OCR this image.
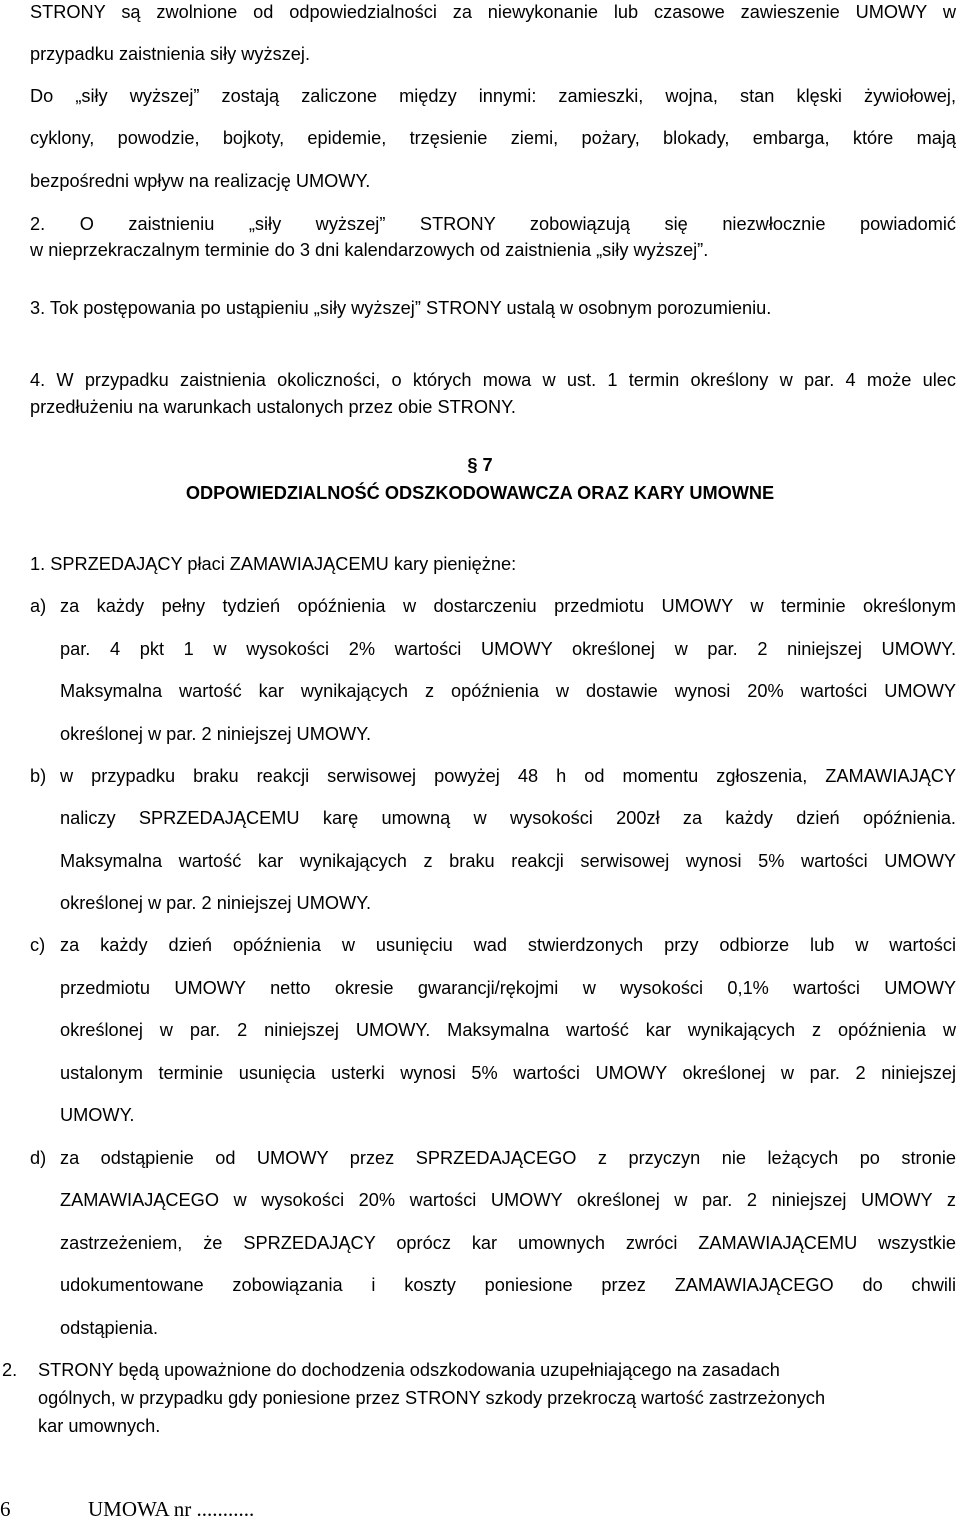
STRONY są zwolnione od odpowiedzialności za niewykonanie lub czasowe zawieszenie UMOWY w
przypadku zaistnienia siły wyższej.
Do „siły wyższej” zostają zaliczone między innymi: zamieszki, wojna, stan klęski żywiołowej,
cyklony, powodzie, bojkoty, epidemie, trzęsienie ziemi, pożary, blokady, embarga, które mają
bezpośredni wpływ na realizację UMOWY.
2. O zaistnieniu „siły wyższej” STRONY zobowiązują się niezwłocznie powiadomić
w nieprzekraczalnym terminie do 3 dni kalendarzowych od zaistnienia „siły wyższej”.
3. Tok postępowania po ustąpieniu „siły wyższej” STRONY ustalą w osobnym porozumieniu.
4. W przypadku zaistnienia okoliczności, o których mowa w ust. 1 termin określony w par. 4 może ulec
przedłużeniu na warunkach ustalonych przez obie STRONY.
§ 7
ODPOWIEDZIALNOŚĆ ODSZKODOWAWCZA ORAZ KARY UMOWNE
1. SPRZEDAJĄCY płaci ZAMAWIAJĄCEMU kary pieniężne:
a) za każdy pełny tydzień opóźnienia w dostarczeniu przedmiotu UMOWY w terminie określonym
par. 4 pkt 1 w wysokości 2% wartości UMOWY określonej w par. 2 niniejszej UMOWY.
Maksymalna wartość kar wynikających z opóźnienia w dostawie wynosi 20% wartości UMOWY
określonej w par. 2 niniejszej UMOWY.
b) w przypadku braku reakcji serwisowej powyżej 48 h od momentu zgłoszenia, ZAMAWIAJĄCY
naliczy SPRZEDAJĄCEMU karę umowną w wysokości 200zł za każdy dzień opóźnienia.
Maksymalna wartość kar wynikających z braku reakcji serwisowej wynosi 5% wartości UMOWY
określonej w par. 2 niniejszej UMOWY.
c) za każdy dzień opóźnienia w usunięciu wad stwierdzonych przy odbiorze lub w wartości
przedmiotu UMOWY netto okresie gwarancji/rękojmi w wysokości 0,1% wartości UMOWY
określonej w par. 2 niniejszej UMOWY. Maksymalna wartość kar wynikających z opóźnienia w
ustalonym terminie usunięcia usterki wynosi 5% wartości UMOWY określonej w par. 2 niniejszej
UMOWY.
d) za odstąpienie od UMOWY przez SPRZEDAJĄCEGO z przyczyn nie leżących po stronie
ZAMAWIAJĄCEGO w wysokości 20% wartości UMOWY określonej w par. 2 niniejszej UMOWY z
zastrzeżeniem, że SPRZEDAJĄCY oprócz kar umownych zwróci ZAMAWIAJĄCEMU wszystkie
udokumentowane zobowiązania i koszty poniesione przez ZAMAWIAJĄCEGO do chwili
odstąpienia.
2.	STRONY będą upoważnione do dochodzenia odszkodowania uzupełniającego na zasadach
ogólnych, w przypadku gdy poniesione przez STRONY szkody przekroczą wartość zastrzeżonych
kar umownych.
6	UMOWA nr ...........
